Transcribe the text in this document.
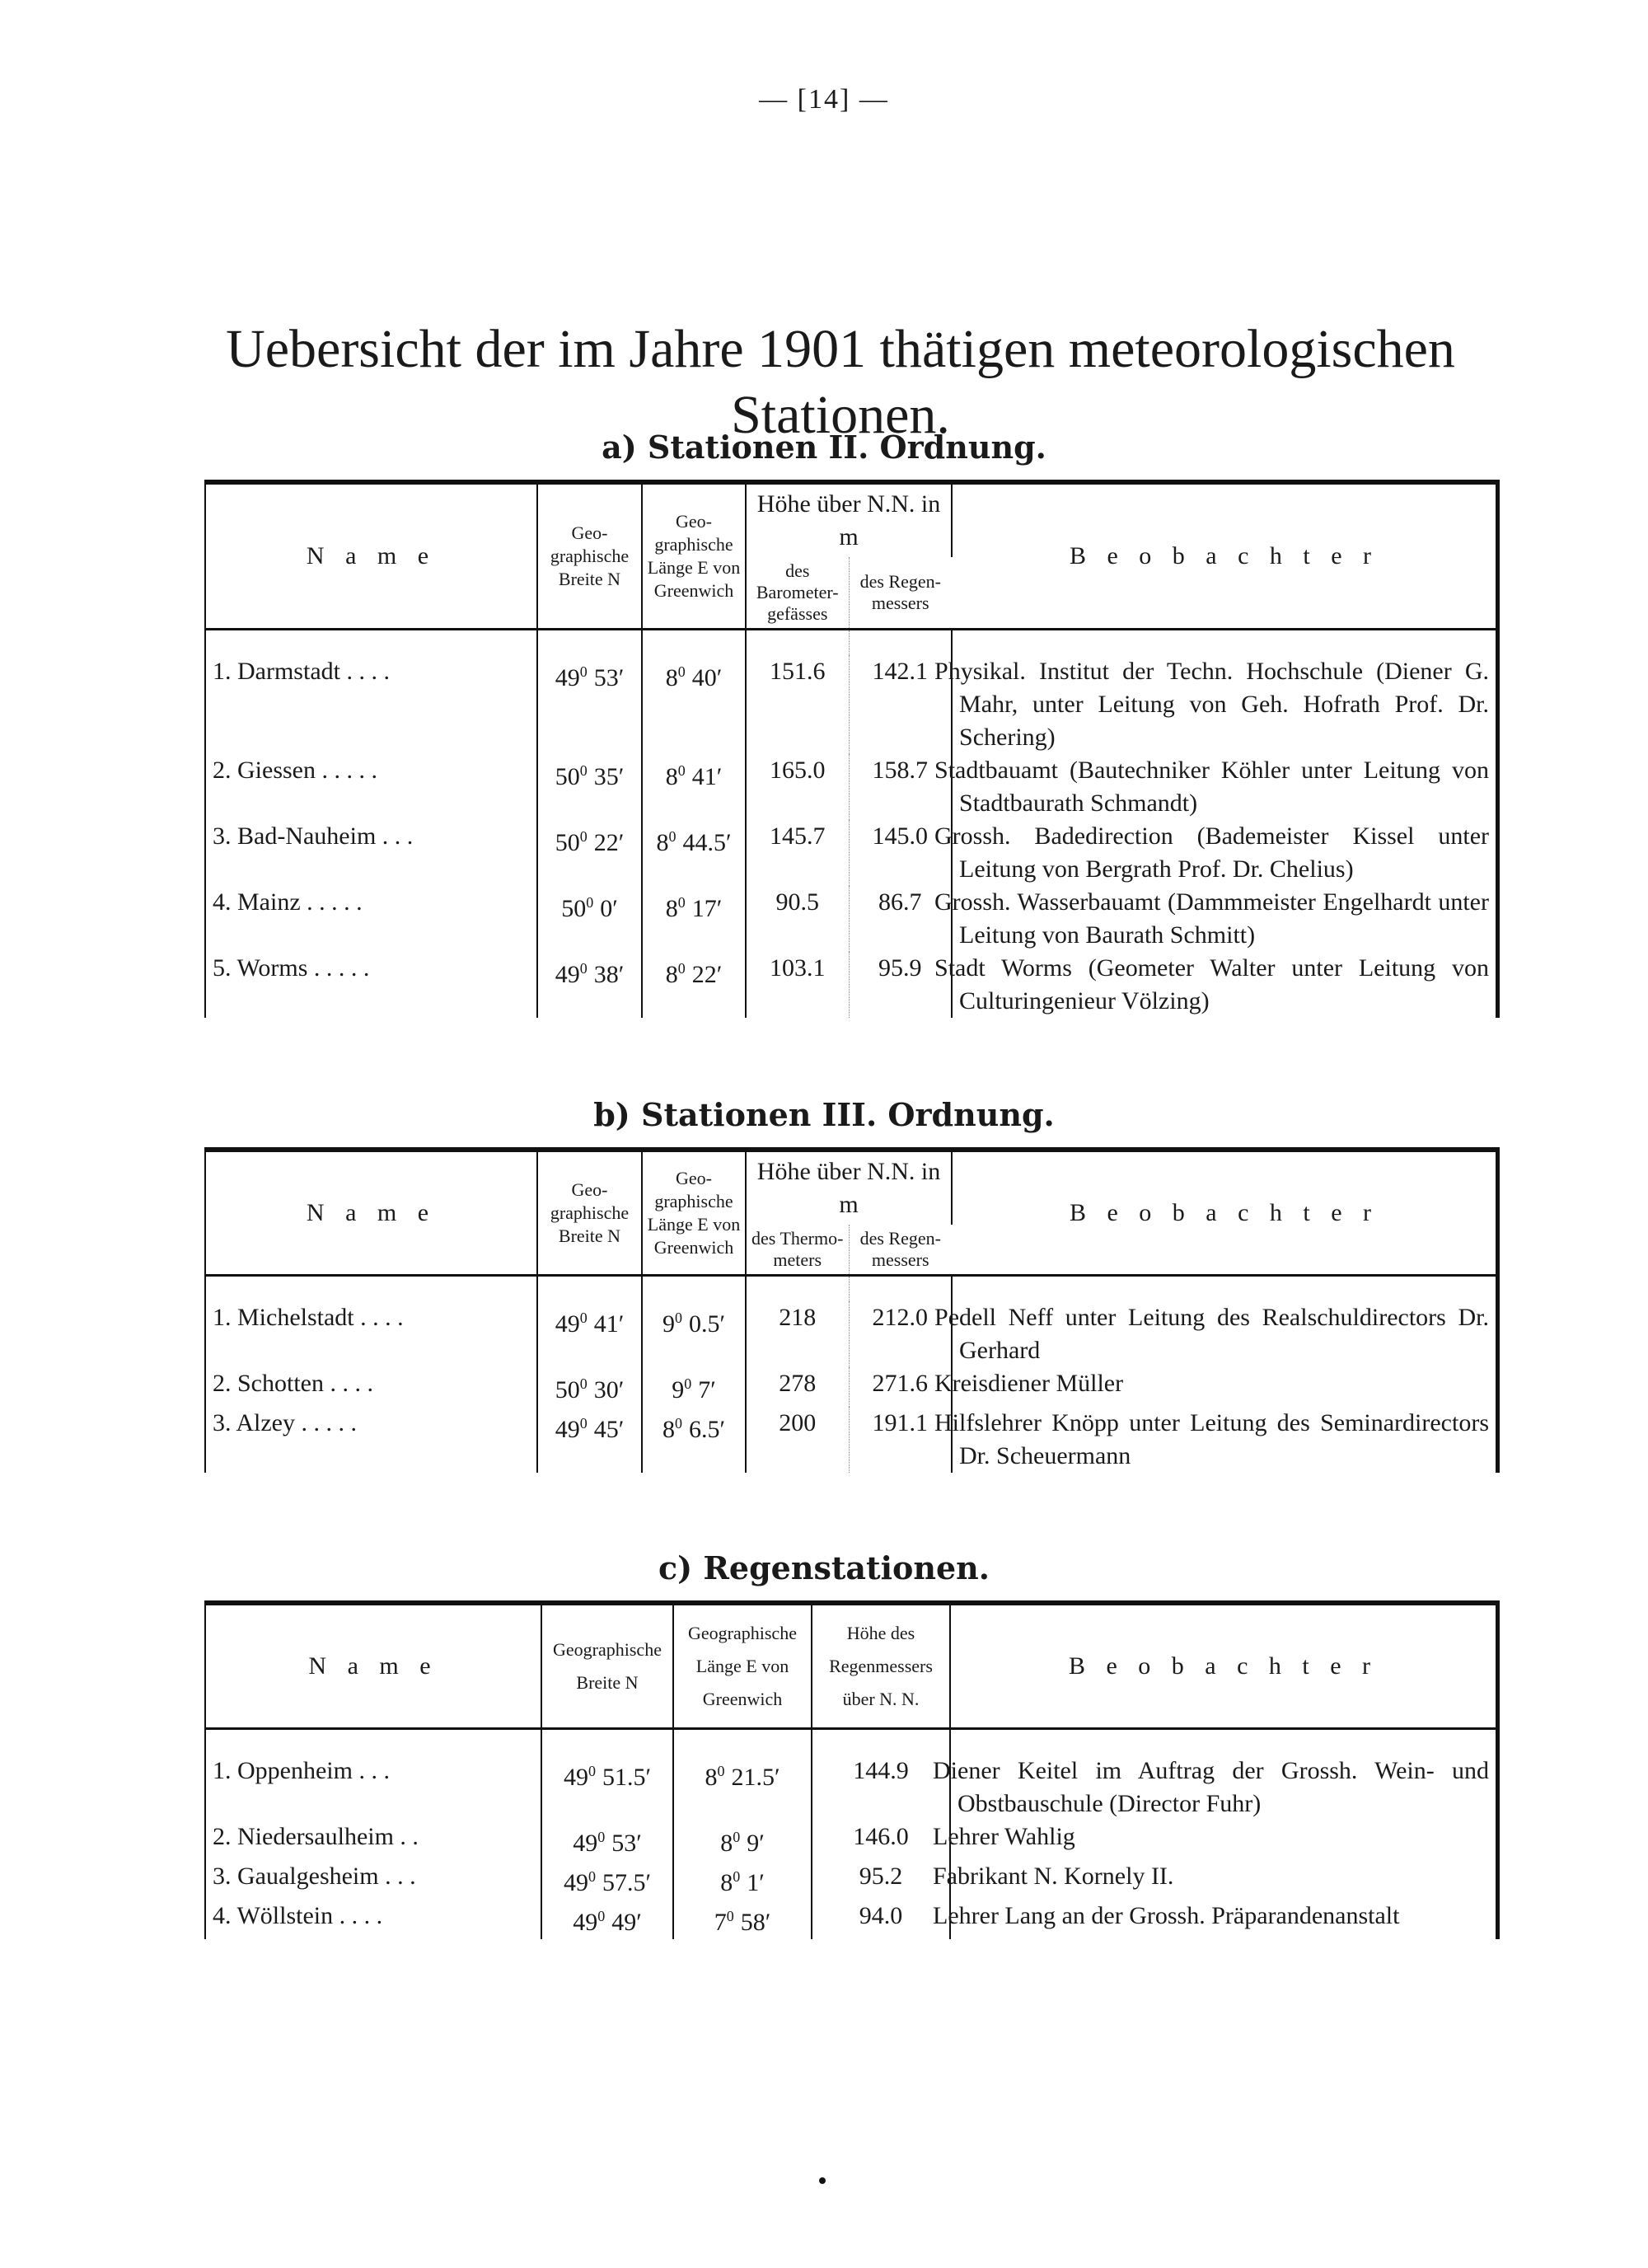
— [14] —
Uebersicht der im Jahre 1901 thätigen meteorologischen Stationen.
a) Stationen II. Ordnung.
N a m e	Geo-graphische Breite N	Geo-graphische Länge E von Greenwich	Höhe über N.N. in m		B e o b a c h t e r
			des Barometer-gefässes	des Regen-messers	

1. Darmstadt . . . .	$49^0$ 53′	$8^0$ 40′	151.6	142.1	Physikal. Institut der Techn. Hochschule (Diener G. Mahr, unter Leitung von Geh. Hofrath Prof. Dr. Schering)
2. Giessen . . . . .	$50^0$ 35′	$8^0$ 41′	165.0	158.7	Stadtbauamt (Bautechniker Köhler unter Leitung von Stadtbaurath Schmandt)
3. Bad-Nauheim . . .	$50^0$ 22′	$8^0$ 44.5′	145.7	145.0	Grossh. Badedirection (Bademeister Kissel unter Leitung von Bergrath Prof. Dr. Chelius)
4. Mainz . . . . .	$50^0$ 0′	$8^0$ 17′	90.5	86.7	Grossh. Wasserbauamt (Dammmeister Engelhardt unter Leitung von Baurath Schmitt)
5. Worms . . . . .	$49^0$ 38′	$8^0$ 22′	103.1	95.9	Stadt Worms (Geometer Walter unter Leitung von Culturingenieur Völzing)
b) Stationen III. Ordnung.
N a m e	Geo-graphische Breite N	Geo-graphische Länge E von Greenwich	Höhe über N.N. in m		B e o b a c h t e r
			des Thermo-meters	des Regen-messers	

1. Michelstadt . . . .	$49^0$ 41′	$9^0$ 0.5′	218	212.0	Pedell Neff unter Leitung des Realschuldirectors Dr. Gerhard
2. Schotten . . . .	$50^0$ 30′	$9^0$ 7′	278	271.6	Kreisdiener Müller
3. Alzey . . . . .	$49^0$ 45′	$8^0$ 6.5′	200	191.1	Hilfslehrer Knöpp unter Leitung des Seminardirectors Dr. Scheuermann
c) Regenstationen.
N a m e	Geographische Breite N	Geographische Länge E von Greenwich	Höhe des Regenmessers über N. N.	B e o b a c h t e r

1. Oppenheim . . .	$49^0$ 51.5′	$8^0$ 21.5′	144.9	Diener Keitel im Auftrag der Grossh. Wein- und Obstbauschule (Director Fuhr)
2. Niedersaulheim . .	$49^0$ 53′	$8^0$ 9′	146.0	Lehrer Wahlig
3. Gaualgesheim . . .	$49^0$ 57.5′	$8^0$ 1′	95.2	Fabrikant N. Kornely II.
4. Wöllstein . . . .	$49^0$ 49′	$7^0$ 58′	94.0	Lehrer Lang an der Grossh. Präparandenanstalt
